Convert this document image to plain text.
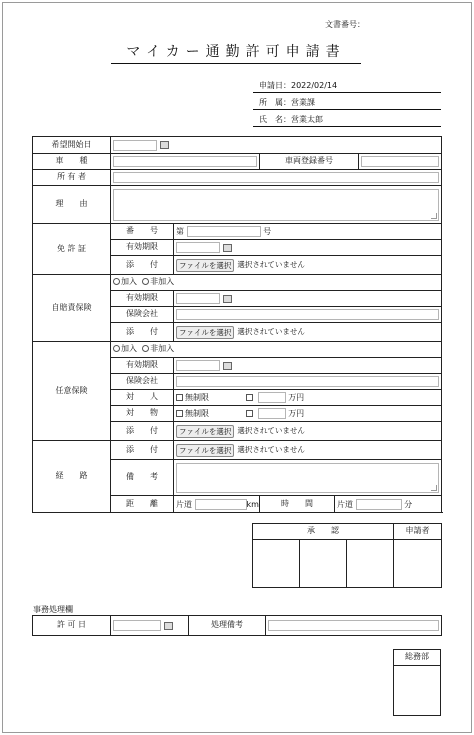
文書番号：
マイカー通勤許可申請書
申請日：2022/02/14
所　属：営業課
氏　名：営業太郎
希望開始日					
車　　種			車両登録番号		

所 有 者					

理　　由					

免 許 証	番　　号	第 号			
	有効期限				
	添　　付	ファイルを選択 選択されていません			
自賠責保険	加入 非加入				
	有効期限				
	保険会社				

	添　　付	ファイルを選択 選択されていません			
任意保険	加入 非加入				
	有効期限				
	保険会社				

	対　　人	無制限 万円			
	対　　物	無制限 万円			
	添　　付	ファイルを選択 選択されていません			
経　　路	添　　付	ファイルを選択 選択されていません			
	備　　考				

	距　　離	片道 km	時　　間	片道 分	
承　　認			申請者

事務処理欄
許 可 日		処理備考	
総務部
